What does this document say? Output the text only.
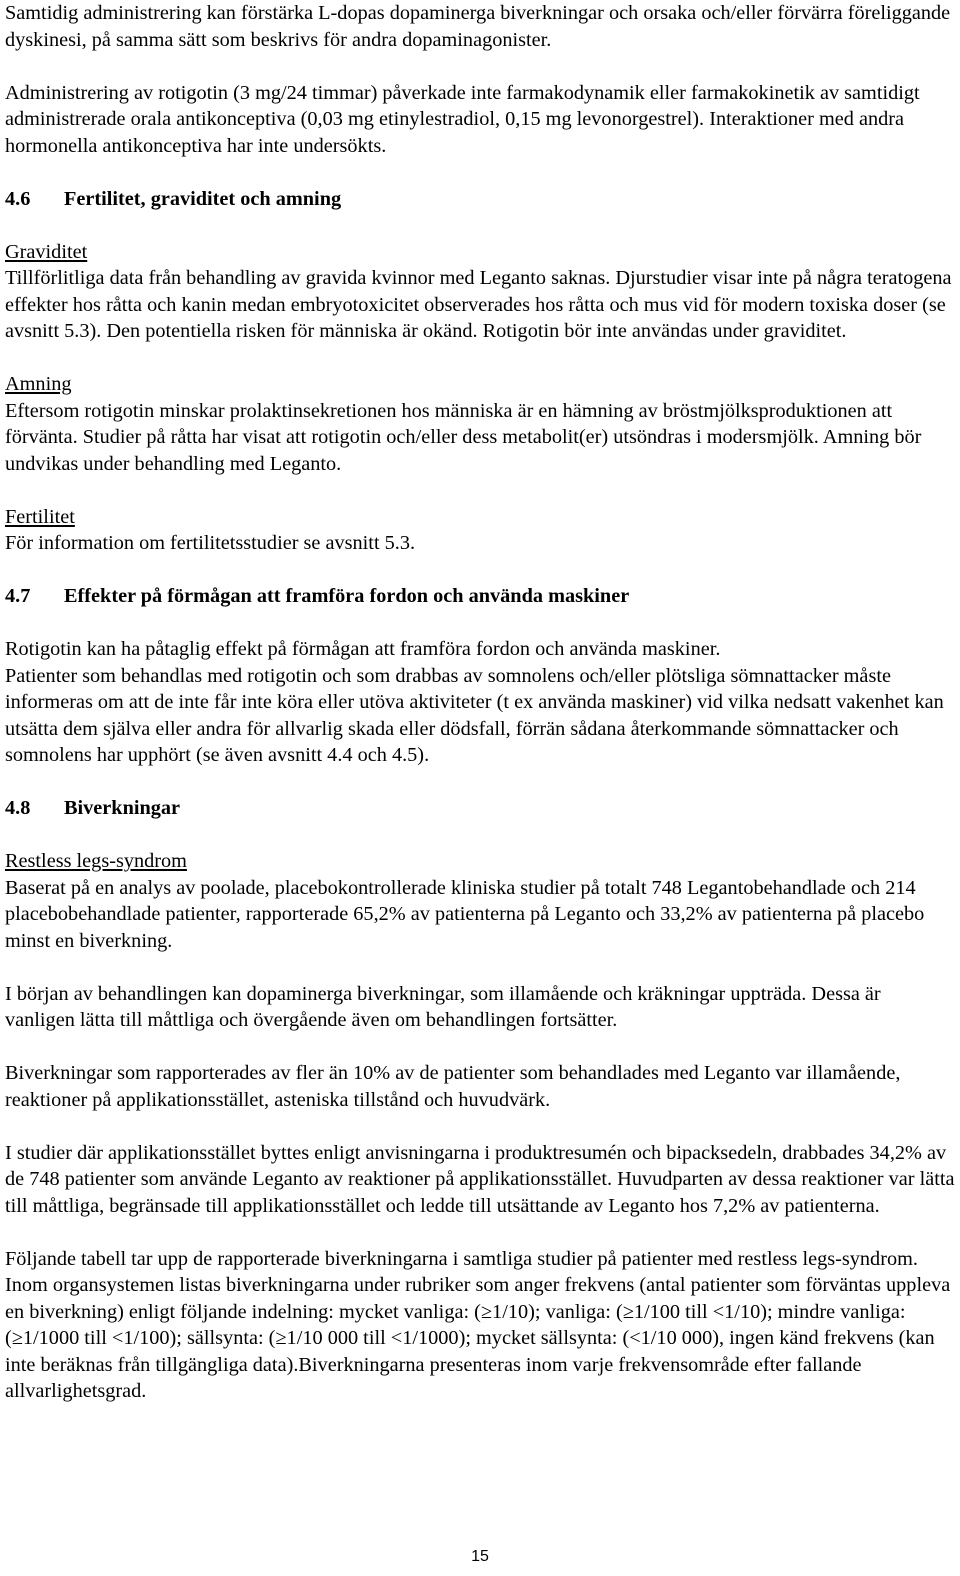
Samtidig administrering kan förstärka L-dopas dopaminerga biverkningar och orsaka och/eller förvärra föreliggande dyskinesi, på samma sätt som beskrivs för andra dopaminagonister.

Administrering av rotigotin (3 mg/24 timmar) påverkade inte farmakodynamik eller farmakokinetik av samtidigt administrerade orala antikonceptiva (0,03 mg etinylestradiol, 0,15 mg levonorgestrel). Interaktioner med andra hormonella antikonceptiva har inte undersökts.

4.6 Fertilitet, graviditet och amning

Graviditet

Tillförlitliga data från behandling av gravida kvinnor med Leganto saknas. Djurstudier visar inte på några teratogena effekter hos råtta och kanin medan embryotoxicitet observerades hos råtta och mus vid för modern toxiska doser (se avsnitt 5.3). Den potentiella risken för människa är okänd. Rotigotin bör inte användas under graviditet.

Amning

Eftersom rotigotin minskar prolaktinsekretionen hos människa är en hämning av bröstmjölksproduktionen att förvänta. Studier på råtta har visat att rotigotin och/eller dess metabolit(er) utsöndras i modersmjölk. Amning bör undvikas under behandling med Leganto.

Fertilitet

För information om fertilitetsstudier se avsnitt 5.3.

4.7 Effekter på förmågan att framföra fordon och använda maskiner

Rotigotin kan ha påtaglig effekt på förmågan att framföra fordon och använda maskiner.

Patienter som behandlas med rotigotin och som drabbas av somnolens och/eller plötsliga sömnattacker måste informeras om att de inte får inte köra eller utöva aktiviteter (t ex använda maskiner) vid vilka nedsatt vakenhet kan utsätta dem själva eller andra för allvarlig skada eller dödsfall, förrän sådana återkommande sömnattacker och somnolens har upphört (se även avsnitt 4.4 och 4.5).

4.8 Biverkningar

Restless legs-syndrom

Baserat på en analys av poolade, placebokontrollerade kliniska studier på totalt 748 Legantobehandlade och 214 placebobehandlade patienter, rapporterade 65,2% av patienterna på Leganto och 33,2% av patienterna på placebo minst en biverkning.

I början av behandlingen kan dopaminerga biverkningar, som illamående och kräkningar uppträda. Dessa är vanligen lätta till måttliga och övergående även om behandlingen fortsätter.

Biverkningar som rapporterades av fler än 10% av de patienter som behandlades med Leganto var illamående, reaktioner på applikationsstället, asteniska tillstånd och huvudvärk.

I studier där applikationsstället byttes enligt anvisningarna i produktresumén och bipacksedeln, drabbades 34,2% av de 748 patienter som använde Leganto av reaktioner på applikationsstället. Huvudparten av dessa reaktioner var lätta till måttliga, begränsade till applikationsstället och ledde till utsättande av Leganto hos 7,2% av patienterna.

Följande tabell tar upp de rapporterade biverkningarna i samtliga studier på patienter med restless legs-syndrom. Inom organsystemen listas biverkningarna under rubriker som anger frekvens (antal patienter som förväntas uppleva en biverkning) enligt följande indelning: mycket vanliga: (≥1/10); vanliga: (≥1/100 till <1/10); mindre vanliga: (≥1/1000 till <1/100); sällsynta: (≥1/10 000 till <1/1000); mycket sällsynta: (<1/10 000), ingen känd frekvens (kan inte beräknas från tillgängliga data).Biverkningarna presenteras inom varje frekvensområde efter fallande allvarlighetsgrad.

15
